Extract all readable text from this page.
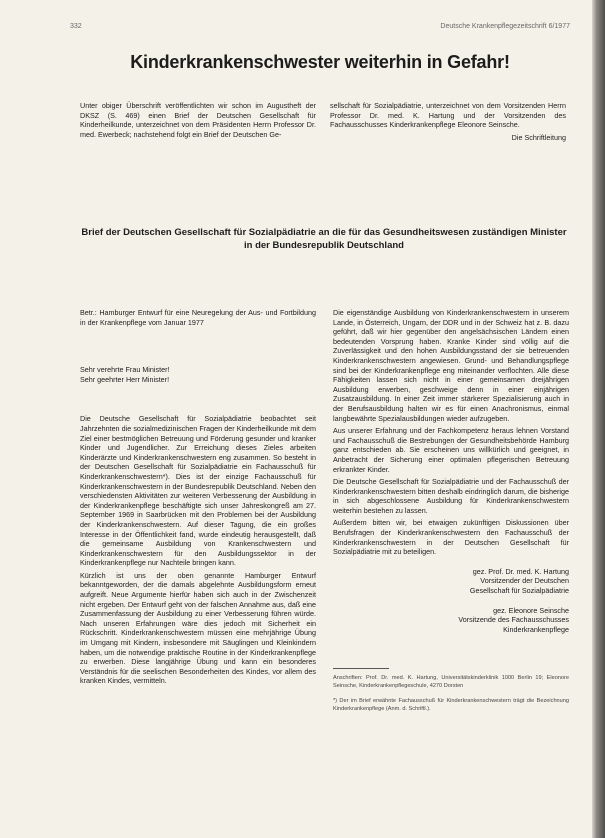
332	Deutsche Krankenpflegezeitschrift 6/1977
Kinderkrankenschwester weiterhin in Gefahr!

Unter obiger Überschrift veröffentlichten wir schon im Augustheft der DKSZ (S. 469) einen Brief der Deutschen Gesellschaft für Kinderheilkunde, unterzeichnet von dem Präsidenten Herrn Professor Dr. med. Ewerbeck; nachstehend folgt ein Brief der Deutschen Ge-

sellschaft für Sozialpädiatrie, unterzeichnet von dem Vorsitzenden Herrn Professor Dr. med. K. Hartung und der Vorsitzenden des Fachausschusses Kinderkrankenpflege Eleonore Seinsche.

Die Schriftleitung

Brief der Deutschen Gesellschaft für Sozialpädiatrie an die für das Gesundheitswesen zuständigen Minister in der Bundesrepublik Deutschland

Betr.: Hamburger Entwurf für eine Neuregelung der Aus- und Fortbildung in der Krankenpflege vom Januar 1977

Sehr verehrte Frau Minister!

Sehr geehrter Herr Minister!

Die Deutsche Gesellschaft für Sozialpädiatrie beobachtet seit Jahrzehnten die sozialmedizinischen Fragen der Kinderheilkunde mit dem Ziel einer bestmöglichen Betreuung und Förderung gesunder und kranker Kinder und Jugendlicher. Zur Erreichung dieses Zieles arbeiten Kinderärzte und Kinderkrankenschwestern eng zusammen. So besteht in der Deutschen Gesellschaft für Sozialpädiatrie ein Fachausschuß für Kinderkrankenschwestern*). Dies ist der einzige Fachausschuß für Kinderkrankenschwestern in der Bundesrepublik Deutschland. Neben den verschiedensten Aktivitäten zur weiteren Verbesserung der Ausbildung in der Kinderkrankenpflege beschäftigte sich unser Jahreskongreß am 27. September 1969 in Saarbrücken mit den Problemen bei der Ausbildung der Kinderkrankenschwestern. Auf dieser Tagung, die ein großes Interesse in der Öffentlichkeit fand, wurde eindeutig herausgestellt, daß die gemeinsame Ausbildung von Krankenschwestern und Kinderkrankenschwestern für den Ausbildungssektor in der Kinderkrankenpflege nur Nachteile bringen kann.

Kürzlich ist uns der oben genannte Hamburger Entwurf bekanntgeworden, der die damals abgelehnte Ausbildungsform erneut aufgreift. Neue Argumente hierfür haben sich auch in der Zwischenzeit nicht ergeben. Der Entwurf geht von der falschen Annahme aus, daß eine Zusammenfassung der Ausbildung zu einer Verbesserung führen würde. Nach unseren Erfahrungen wäre dies jedoch mit Sicherheit ein Rückschritt. Kinderkrankenschwestern müssen eine mehrjährige Übung im Umgang mit Kindern, insbesondere mit Säuglingen und Kleinkindern haben, um die notwendige praktische Routine in der Kinderkrankenpflege zu erwerben. Diese langjährige Übung und kann ein besonderes Verständnis für die seelischen Besonderheiten des Kindes, vor allem des kranken Kindes, vermitteln.

Die eigenständige Ausbildung von Kinderkrankenschwestern in unserem Lande, in Österreich, Ungarn, der DDR und in der Schweiz hat z. B. dazu geführt, daß wir hier gegenüber den angelsächsischen Ländern einen bedeutenden Vorsprung haben. Kranke Kinder sind völlig auf die Zuverlässigkeit und den hohen Ausbildungsstand der sie betreuenden Kinderkrankenschwestern angewiesen. Grund- und Behandlungspflege sind bei der Kinderkrankenpflege eng miteinander verflochten. Alle diese Fähigkeiten lassen sich nicht in einer gemeinsamen dreijährigen Ausbildung erwerben, geschweige denn in einer einjährigen Zusatzausbildung. In einer Zeit immer stärkerer Spezialisierung auch in der Berufsausbildung halten wir es für einen Anachronismus, einmal langbewährte Spezialausbildungen wieder aufzugeben.

Aus unserer Erfahrung und der Fachkompetenz heraus lehnen Vorstand und Fachausschuß die Bestrebungen der Gesundheitsbehörde Hamburg ganz entschieden ab. Sie erscheinen uns willkürlich und geeignet, in Anbetracht der Sicherung einer optimalen pflegerischen Betreuung erkrankter Kinder.

Die Deutsche Gesellschaft für Sozialpädiatrie und der Fachausschuß der Kinderkrankenschwestern bitten deshalb eindringlich darum, die bisherige in sich abgeschlossene Ausbildung für Kinderkrankenschwestern weiterhin bestehen zu lassen.

Außerdem bitten wir, bei etwaigen zukünftigen Diskussionen über Berufsfragen der Kinderkrankenschwestern den Fachausschuß der Kinderkrankenschwestern in der Deutschen Gesellschaft für Sozialpädiatrie mit zu beteiligen.

gez. Prof. Dr. med. K. Hartung

Vorsitzender der Deutschen

Gesellschaft für Sozialpädiatrie

gez. Eleonore Seinsche

Vorsitzende des Fachausschusses

Kinderkrankenpflege

Anschriften: Prof. Dr. med. K. Hartung, Universitätskinderklinik 1000 Berlin 19; Eleonore Seinsche, Kinderkrankenpflegeschule, 4270 Dorsten

*) Der im Brief erwähnte Fachausschuß für Kinderkrankenschwestern trägt die Bezeichnung Kinderkrankenpflege (Anm. d. Schriftl.).
